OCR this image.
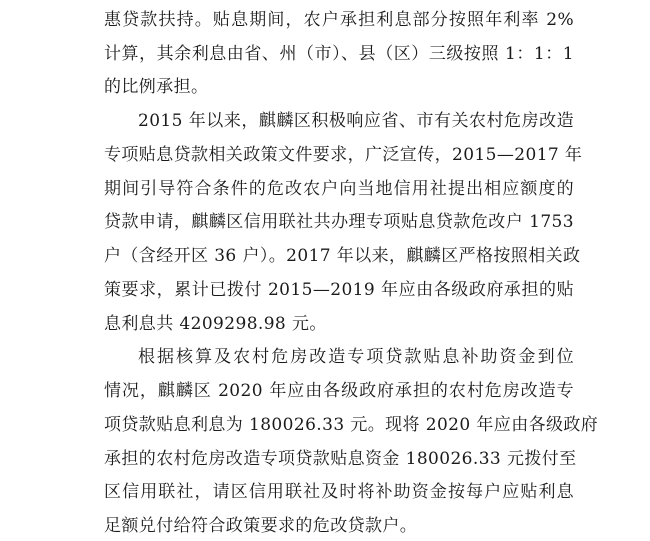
惠贷款扶持。贴息期间，农户承担利息部分按照年利率 2%
计算，其余利息由省、州（市）、县（区）三级按照 1：1：1
的比例承担。
2015 年以来，麒麟区积极响应省、市有关农村危房改造
专项贴息贷款相关政策文件要求，广泛宣传，2015—2017 年
期间引导符合条件的危改农户向当地信用社提出相应额度的
贷款申请，麒麟区信用联社共办理专项贴息贷款危改户 1753
户（含经开区 36 户）。2017 年以来，麒麟区严格按照相关政
策要求，累计已拨付 2015—2019 年应由各级政府承担的贴
息利息共 4209298.98 元。
根据核算及农村危房改造专项贷款贴息补助资金到位
情况，麒麟区 2020 年应由各级政府承担的农村危房改造专
项贷款贴息利息为 180026.33 元。现将 2020 年应由各级政府
承担的农村危房改造专项贷款贴息资金 180026.33 元拨付至
区信用联社，请区信用联社及时将补助资金按每户应贴利息
足额兑付给符合政策要求的危改贷款户。
